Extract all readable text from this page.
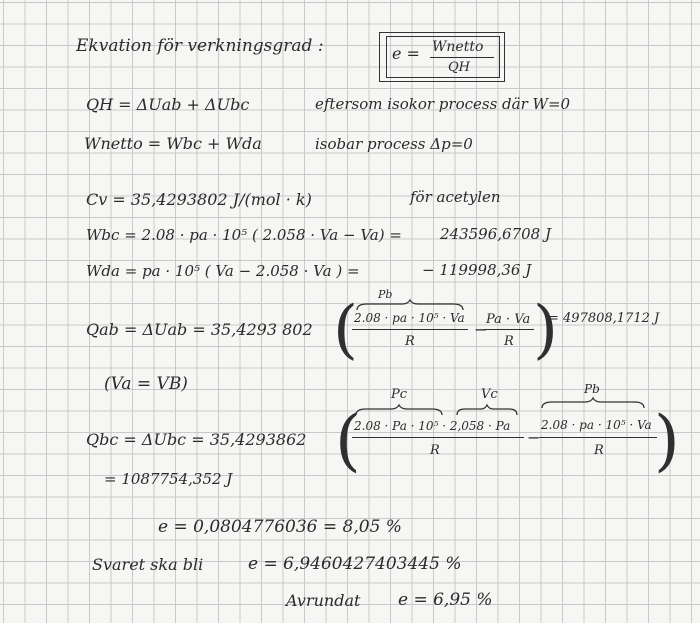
Ekvation för verkningsgrad :	e = Wnetto
QH
QH = ΔUab + ΔUbc	eftersom isokor process där W=0
Wnetto = Wbc + Wda	isobar process Δp=0
Cv = 35,4293802 J/(mol · k)	för acetylen
Wbc = 2.08 · pa · 10⁵ ( 2.058 · Va − Va) =	243596,6708 J
Wda = pa · 10⁵ ( Va − 2.058 · Va ) =	− 119998,36 J
Pb
Qab = ΔUab = 35,4293 802 (
2.08 · pa · 10⁵ · Va
R
−
Pa · Va
R )
= 497808,1712 J
(Va = VB)
Pc	Vc	Pb
Qbc = ΔUbc = 35,4293862 (
2.08 · Pa · 10⁵ · 2,058 · Pa
R
−
2.08 · pa · 10⁵ · Va
R )
= 1087754,352 J
e = 0,0804776036 = 8,05 %
Svaret ska bli	e = 6,9460427403445 %
Avrundat e = 6,95 %
